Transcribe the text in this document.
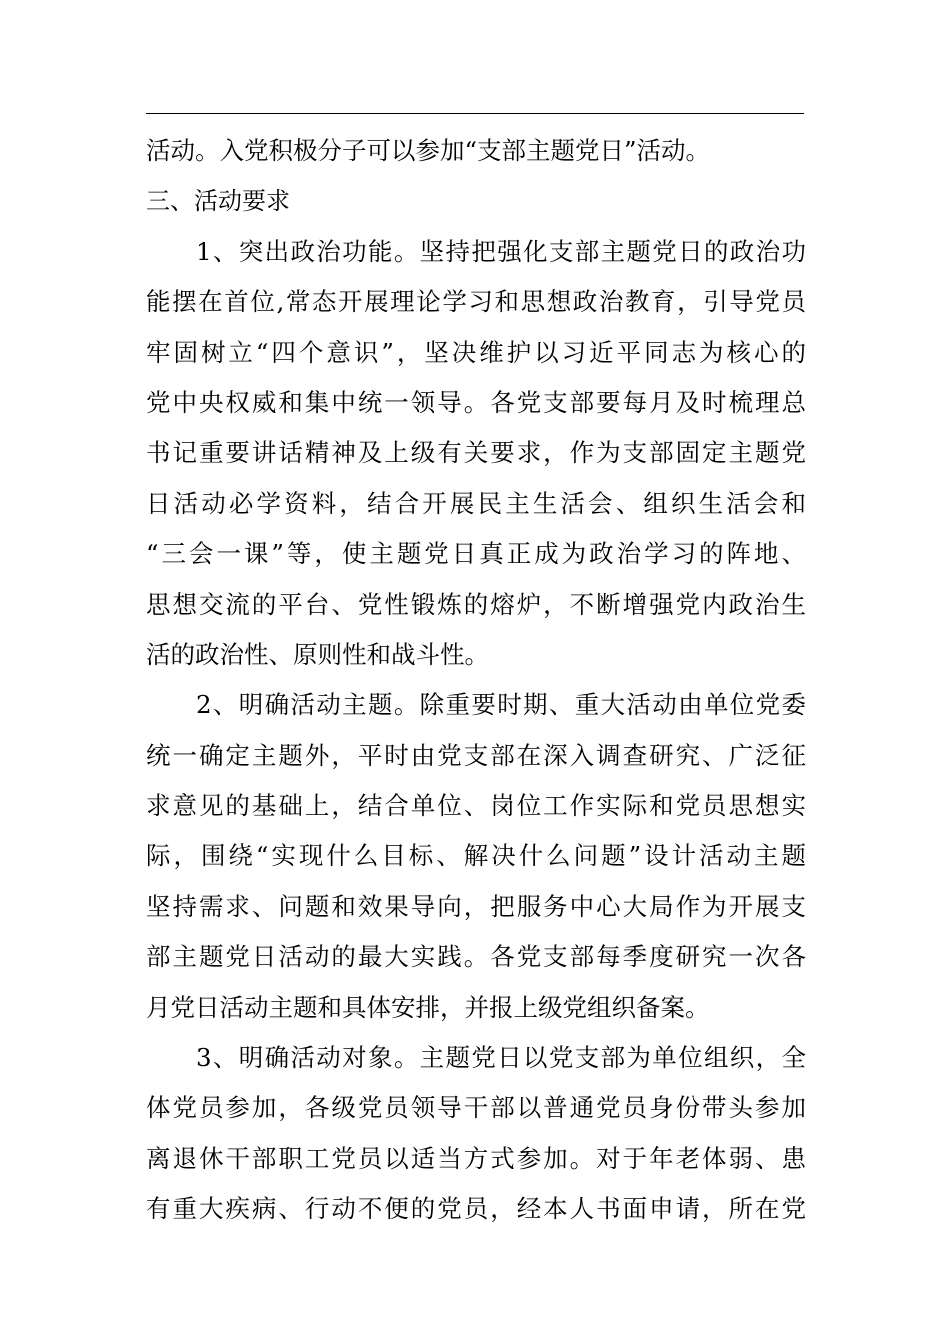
活动。入党积极分子可以参加“支部主题党日”活动。
三、活动要求
1、突出政治功能。坚持把强化支部主题党日的政治功
能摆在首位,常态开展理论学习和思想政治教育，引导党员
牢固树立“四个意识”，坚决维护以习近平同志为核心的
党中央权威和集中统一领导。各党支部要每月及时梳理总
书记重要讲话精神及上级有关要求，作为支部固定主题党
日活动必学资料，结合开展民主生活会、组织生活会和
“三会一课”等，使主题党日真正成为政治学习的阵地、
思想交流的平台、党性锻炼的熔炉，不断增强党内政治生
活的政治性、原则性和战斗性。
2、明确活动主题。除重要时期、重大活动由单位党委
统一确定主题外，平时由党支部在深入调查研究、广泛征
求意见的基础上，结合单位、岗位工作实际和党员思想实
际，围绕“实现什么目标、解决什么问题”设计活动主题
坚持需求、问题和效果导向，把服务中心大局作为开展支
部主题党日活动的最大实践。各党支部每季度研究一次各
月党日活动主题和具体安排，并报上级党组织备案。
3、明确活动对象。主题党日以党支部为单位组织，全
体党员参加，各级党员领导干部以普通党员身份带头参加
离退休干部职工党员以适当方式参加。对于年老体弱、患
有重大疾病、行动不便的党员，经本人书面申请，所在党
